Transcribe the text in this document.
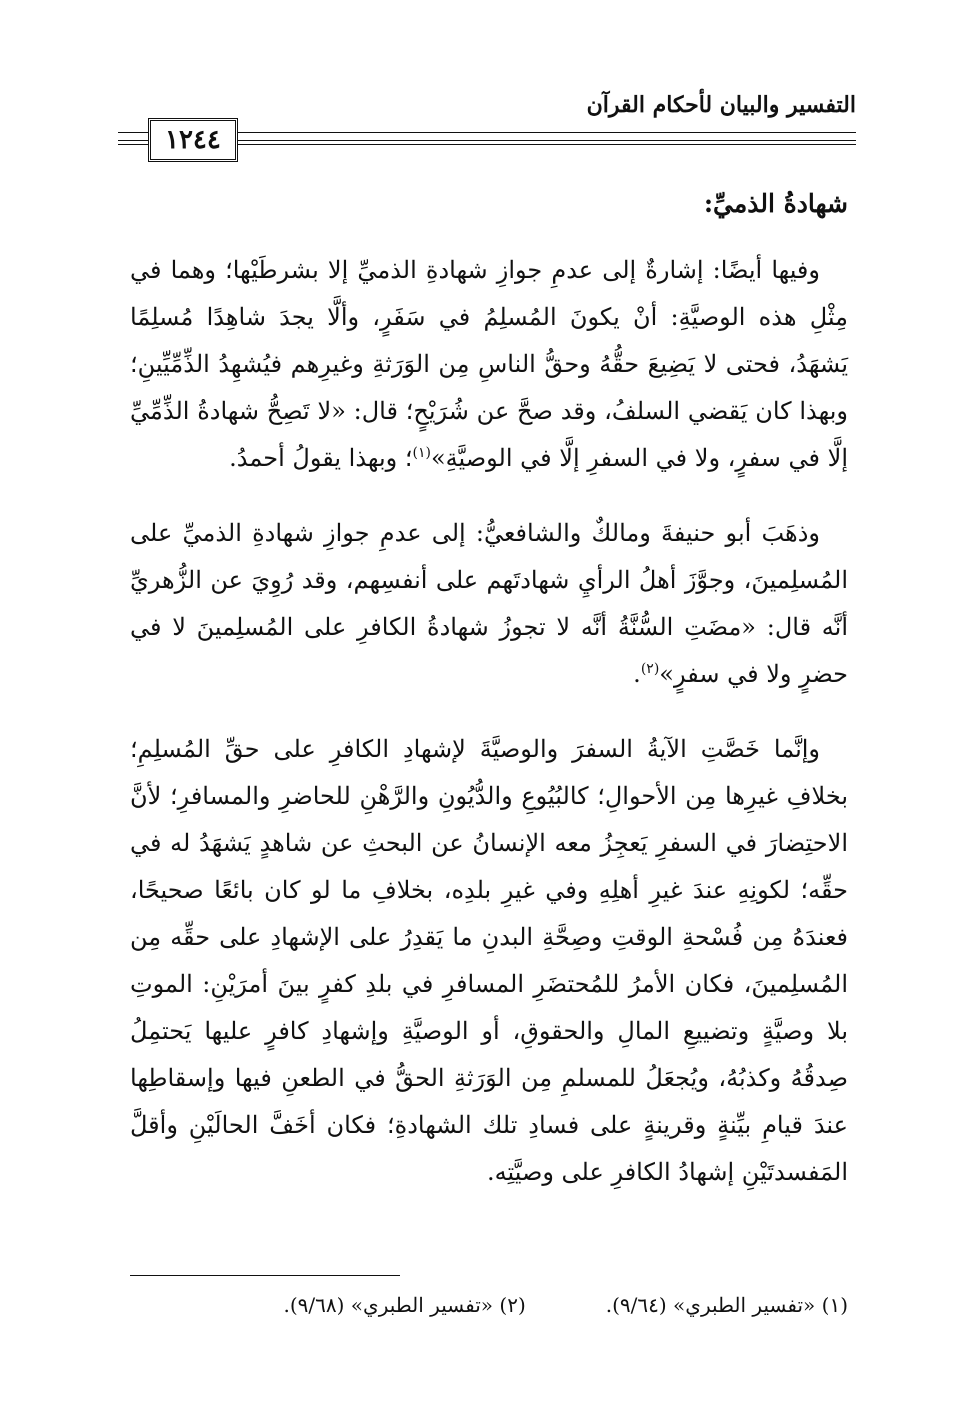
التفسير والبيان لأحكام القرآن
١٢٤٤
شهادةُ الذميِّ:

وفيها أيضًا: إشارةٌ إلى عدمِ جوازِ شهادةِ الذميِّ إلا بشرطَيْها؛ وهما في مِثْلِ هذه الوصيَّةِ: أنْ يكونَ المُسلِمُ في سَفَرٍ، وألَّا يجدَ شاهِدًا مُسلِمًا يَشهَدُ، فحتى لا يَضِيعَ حقُّهُ وحقُّ الناسِ مِن الوَرَثةِ وغيرِهم فيُشهِدُ الذِّمِّيِّينِ؛ وبهذا كان يَقضي السلفُ، وقد صحَّ عن شُرَيْحٍ؛ قال: «لا تَصِحُّ شهادةُ الذِّمِّيِّ إلَّا في سفرٍ، ولا في السفرِ إلَّا في الوصيَّةِ»$^{(١)}$؛ وبهذا يقولُ أحمدُ.

وذهَبَ أبو حنيفةَ ومالكٌ والشافعيُّ: إلى عدمِ جوازِ شهادةِ الذميِّ على المُسلِمينَ، وجوَّزَ أهلُ الرأيِ شهادتَهم على أنفسِهم، وقد رُوِيَ عن الزُّهريِّ أنَّه قال: «مضَتِ السُّنَّةُ أنَّه لا تجوزُ شهادةُ الكافرِ على المُسلِمينَ لا في حضرٍ ولا في سفرٍ»$^{(٢)}$.

وإنَّما خَصَّتِ الآيةُ السفرَ والوصيَّةَ لإشهادِ الكافرِ على حقِّ المُسلِمِ؛ بخلافِ غيرِها مِن الأحوالِ؛ كالبُيُوعِ والدُّيُونِ والرَّهْنِ للحاضرِ والمسافرِ؛ لأنَّ الاحتِضارَ في السفرِ يَعجِزُ معه الإنسانُ عن البحثِ عن شاهدٍ يَشهَدُ له في حقِّه؛ لكونِهِ عندَ غيرِ أهلِهِ وفي غيرِ بلدِه، بخلافِ ما لو كان بائعًا صحيحًا، فعندَهُ مِن فُسْحةِ الوقتِ وصِحَّةِ البدنِ ما يَقدِرُ على الإشهادِ على حقِّه مِن المُسلِمينَ، فكان الأمرُ للمُحتضَرِ المسافرِ في بلدِ كفرٍ بينَ أمرَيْنِ: الموتِ بلا وصيَّةٍ وتضييعِ المالِ والحقوقِ، أو الوصيَّةِ وإشهادِ كافرٍ عليها يَحتمِلُ صِدقُهُ وكذبُهُ، ويُجعَلُ للمسلمِ مِن الوَرَثةِ الحقُّ في الطعنِ فيها وإسقاطِها عندَ قيامِ بيِّنةٍ وقرينةٍ على فسادِ تلك الشهادةِ؛ فكان أخَفَّ الحالَيْنِ وأقلَّ المَفسدتَيْنِ إشهادُ الكافرِ على وصيَّتِه.

(١) «تفسير الطبري» (٩/٦٤).
(٢) «تفسير الطبري» (٩/٦٨).
